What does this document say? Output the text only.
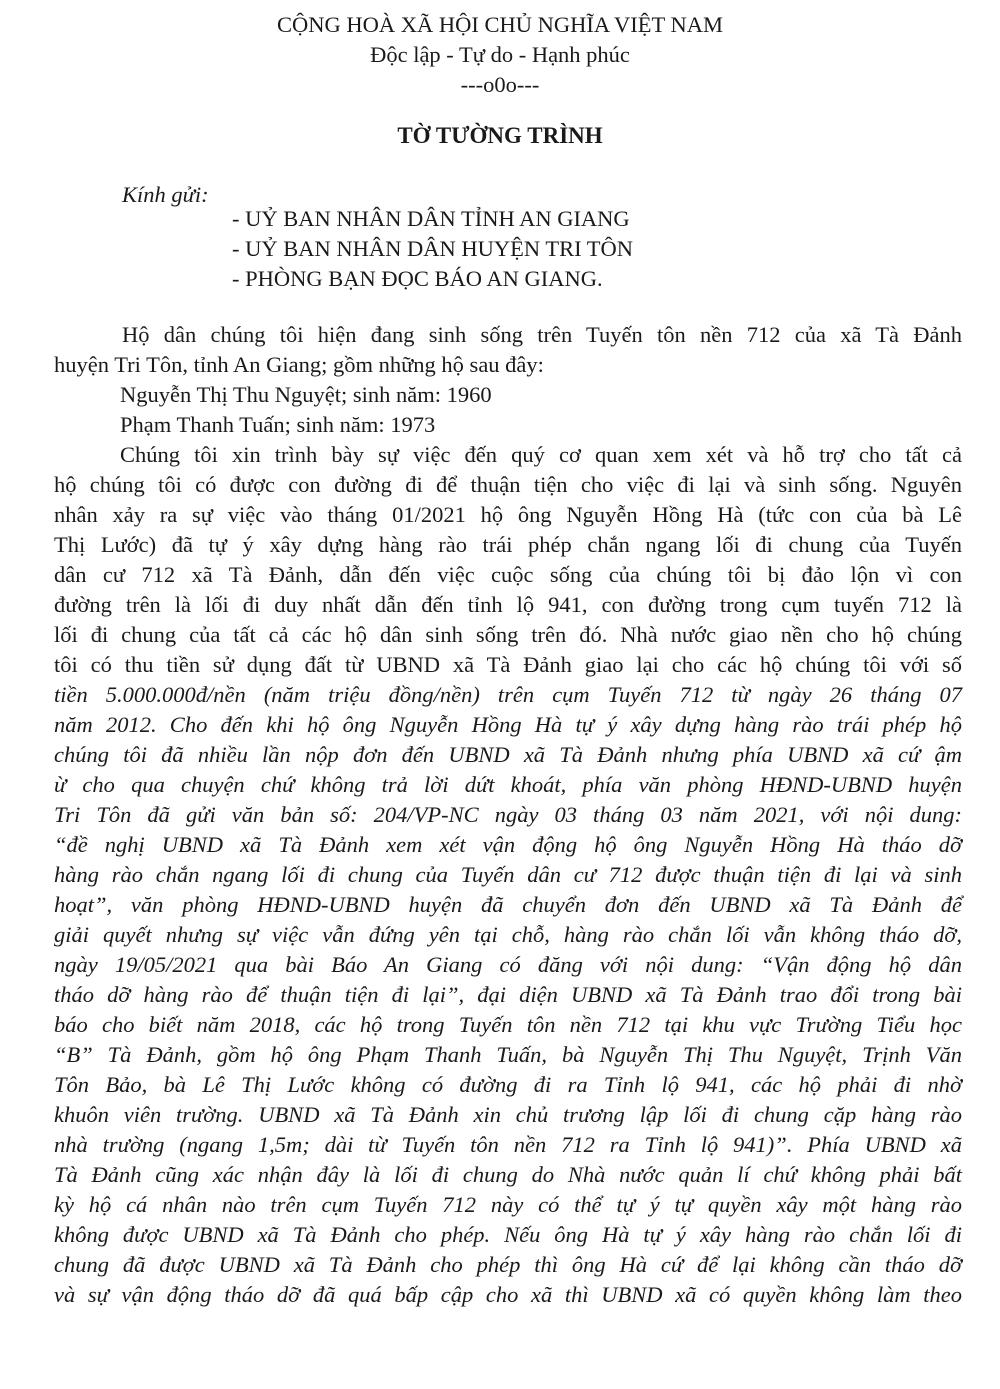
CỘNG HOÀ XÃ HỘI CHỦ NGHĨA VIỆT NAM
Độc lập - Tự do - Hạnh phúc
---o0o---
TỜ TƯỜNG TRÌNH
Kính gửi:
- UỶ BAN NHÂN DÂN TỈNH AN GIANG
- UỶ BAN NHÂN DÂN HUYỆN TRI TÔN
- PHÒNG BẠN ĐỌC BÁO AN GIANG.
Hộ dân chúng tôi hiện đang sinh sống trên Tuyến tôn nền 712 của xã Tà Đảnh
huyện Tri Tôn, tỉnh An Giang; gồm những hộ sau đây:
Nguyễn Thị Thu Nguyệt; sinh năm: 1960
Phạm Thanh Tuấn; sinh năm: 1973
Chúng tôi xin trình bày sự việc đến quý cơ quan xem xét và hỗ trợ cho tất cả
hộ chúng tôi có được con đường đi để thuận tiện cho việc đi lại và sinh sống. Nguyên
nhân xảy ra sự việc vào tháng 01/2021 hộ ông Nguyễn Hồng Hà (tức con của bà Lê
Thị Lước) đã tự ý xây dựng hàng rào trái phép chắn ngang lối đi chung của Tuyến
dân cư 712 xã Tà Đảnh, dẫn đến việc cuộc sống của chúng tôi bị đảo lộn vì con
đường trên là lối đi duy nhất dẫn đến tỉnh lộ 941, con đường trong cụm tuyến 712 là
lối đi chung của tất cả các hộ dân sinh sống trên đó. Nhà nước giao nền cho hộ chúng
tôi có thu tiền sử dụng đất từ UBND xã Tà Đảnh giao lại cho các hộ chúng tôi với số
tiền 5.000.000đ/nền (năm triệu đồng/nền) trên cụm Tuyến 712 từ ngày 26 tháng 07
năm 2012. Cho đến khi hộ ông Nguyễn Hồng Hà tự ý xây dựng hàng rào trái phép hộ
chúng tôi đã nhiều lần nộp đơn đến UBND xã Tà Đảnh nhưng phía UBND xã cứ ậm
ừ cho qua chuyện chứ không trả lời dứt khoát, phía văn phòng HĐND-UBND huyện
Tri Tôn đã gửi văn bản số: 204/VP-NC ngày 03 tháng 03 năm 2021, với nội dung:
“đề nghị UBND xã Tà Đảnh xem xét vận động hộ ông Nguyễn Hồng Hà tháo dỡ
hàng rào chắn ngang lối đi chung của Tuyến dân cư 712 được thuận tiện đi lại và sinh
hoạt”, văn phòng HĐND-UBND huyện đã chuyển đơn đến UBND xã Tà Đảnh để
giải quyết nhưng sự việc vẫn đứng yên tại chỗ, hàng rào chắn lối vẫn không tháo dỡ,
ngày 19/05/2021 qua bài Báo An Giang có đăng với nội dung: “Vận động hộ dân
tháo dỡ hàng rào để thuận tiện đi lại”, đại diện UBND xã Tà Đảnh trao đổi trong bài
báo cho biết năm 2018, các hộ trong Tuyến tôn nền 712 tại khu vực Trường Tiểu học
“B” Tà Đảnh, gồm hộ ông Phạm Thanh Tuấn, bà Nguyễn Thị Thu Nguyệt, Trịnh Văn
Tôn Bảo, bà Lê Thị Lước không có đường đi ra Tỉnh lộ 941, các hộ phải đi nhờ
khuôn viên trường. UBND xã Tà Đảnh xin chủ trương lập lối đi chung cặp hàng rào
nhà trường (ngang 1,5m; dài từ Tuyến tôn nền 712 ra Tỉnh lộ 941)”. Phía UBND xã
Tà Đảnh cũng xác nhận đây là lối đi chung do Nhà nước quản lí chứ không phải bất
kỳ hộ cá nhân nào trên cụm Tuyến 712 này có thể tự ý tự quyền xây một hàng rào
không được UBND xã Tà Đảnh cho phép. Nếu ông Hà tự ý xây hàng rào chắn lối đi
chung đã được UBND xã Tà Đảnh cho phép thì ông Hà cứ để lại không cần tháo dỡ
và sự vận động tháo dỡ đã quá bấp cập cho xã thì UBND xã có quyền không làm theo
